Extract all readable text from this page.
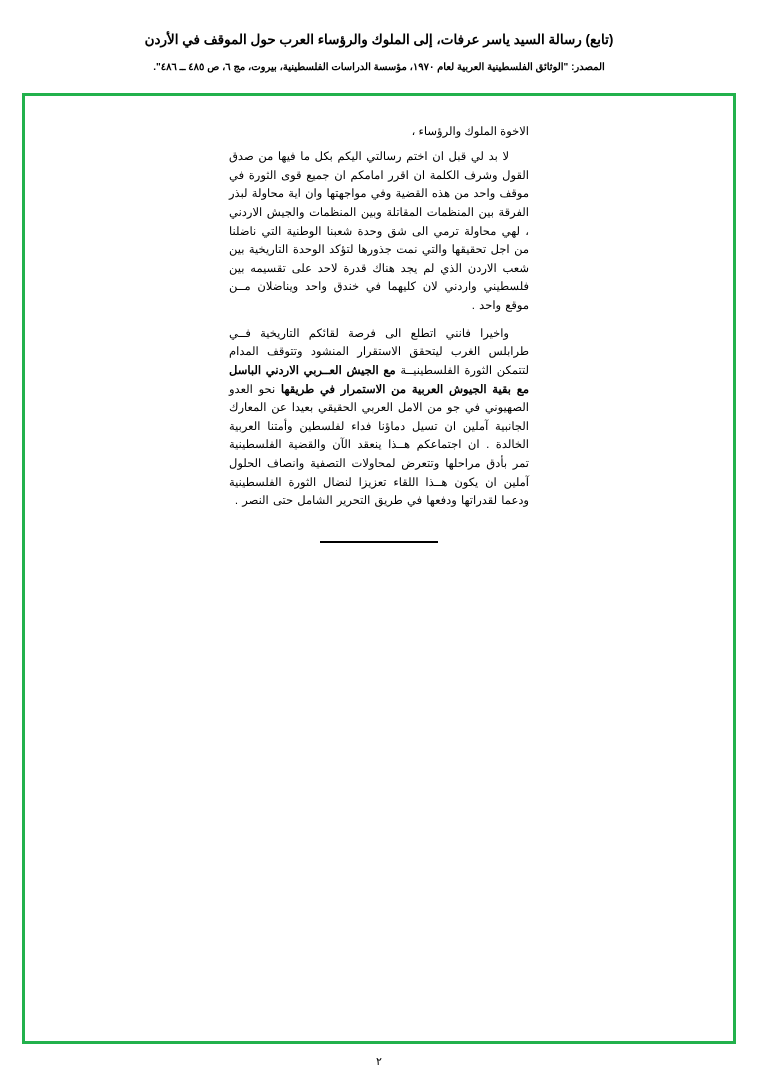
(تابع) رسالة السيد ياسر عرفات، إلى الملوك والرؤساء العرب حول الموقف في الأردن
المصدر: "الوثائق الفلسطينية العربية لعام ١٩٧٠، مؤسسة الدراسات الفلسطينية، بيروت، مج ٦، ص ٤٨٥ ــ ٤٨٦".

الاخوة الملوك والرؤساء ،

لا بد لي قبل ان اختم رسالتي اليكم بكل ما فيها من صدق القول وشرف الكلمة ان اقرر امامكم ان جميع قوى الثورة في موقف واحد من هذه القضية وفي مواجهتها وان اية محاولة لبذر الفرقة بين المنظمات المقاتلة وبين المنظمات والجيش الاردني ، لهي محاولة ترمي الى شق وحدة شعبنا الوطنية التي ناضلنا من اجل تحقيقها والتي نمت جذورها لتؤكد الوحدة التاريخية بين شعب الاردن الذي لم يجد هناك قدرة لاحد على تقسيمه بين فلسطيني واردني لان كليهما في خندق واحد ويناضلان مــن موقع واحد .

واخيرا فانني اتطلع الى فرصة لقائكم التاريخية فــي طرابلس الغرب ليتحقق الاستقرار المنشود وتتوقف المدام لتتمكن الثورة الفلسطينيــة مع الجيش العــربي الاردني الباسل مع بقية الجيوش العربية من الاستمرار في طريقها نحو العدو الصهيوني في جو من الامل العربي الحقيقي بعيدا عن المعارك الجانبية آملين ان تسيل دماؤنا فداء لفلسطين وأمتنا العربية الخالدة . ان اجتماعكم هــذا ينعقد الآن والقضية الفلسطينية تمر بأدق مراحلها وتتعرض لمحاولات التصفية وانصاف الحلول آملين ان يكون هــذا اللقاء تعزيزا لنضال الثورة الفلسطينية ودعما لقدراتها ودفعها في طريق التحرير الشامل حتى النصر .

٢
